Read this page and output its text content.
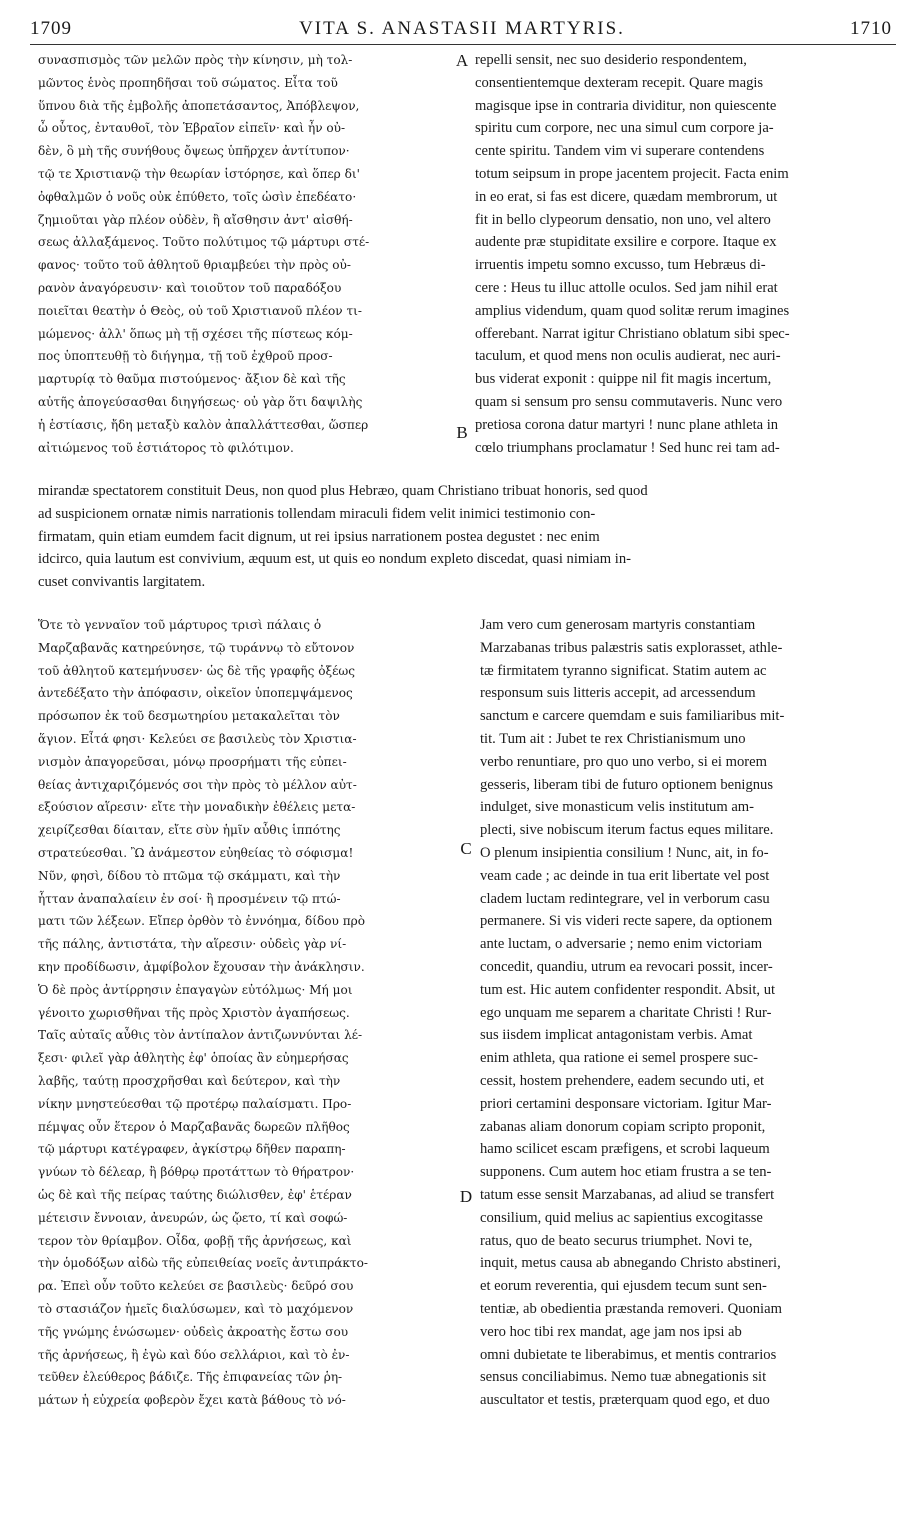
1709	VITA S. ANASTASII MARTYRIS.	1710
συνασπισμὸς τῶν μελῶν πρὸς τὴν κίνησιν, μὴ τολ-
μῶντος ἑνὸς προπηδῆσαι τοῦ σώματος. Εἶτα τοῦ
ὕπνου διὰ τῆς ἐμβολῆς ἀποπετάσαντος, Ἀπόβλεψον,
ὦ οὗτος, ἐνταυθοῖ, τὸν Ἑβραῖον εἰπεῖν· καὶ ἦν οὐ-
δὲν, ὃ μὴ τῆς συνήθους ὄψεως ὑπῆρχεν ἀντίτυπον·
τῷ τε Χριστιανῷ τὴν θεωρίαν ἱστόρησε, καὶ ὅπερ δι'
ὀφθαλμῶν ὁ νοῦς οὐκ ἐπύθετο, τοῖς ὠσὶν ἐπεδέατο·
ζημιοῦται γὰρ πλέον οὐδὲν, ἢ αἴσθησιν ἀντ' αἰσθή-
σεως ἀλλαξάμενος. Τοῦτο πολύτιμος τῷ μάρτυρι στέ-
φανος· τοῦτο τοῦ ἀθλητοῦ θριαμβεύει τὴν πρὸς οὐ-
ρανὸν ἀναγόρευσιν· καὶ τοιοῦτον τοῦ παραδόξου
ποιεῖται θεατὴν ὁ Θεὸς, οὐ τοῦ Χριστιανοῦ πλέον τι-
μώμενος· ἀλλ' ὅπως μὴ τῇ σχέσει τῆς πίστεως κόμ-
πος ὑποπτευθῇ τὸ διήγημα, τῇ τοῦ ἐχθροῦ προσ-
μαρτυρίᾳ τὸ θαῦμα πιστούμενος· ἄξιον δὲ καὶ τῆς
αὐτῆς ἀπογεύσασθαι διηγήσεως· οὐ γὰρ ὅτι δαψιλὴς
ἡ ἑστίασις, ἤδη μεταξὺ καλὸν ἀπαλλάττεσθαι, ὥσπερ
αἰτιώμενος τοῦ ἑστιάτορος τὸ φιλότιμον.
repelli sensit, nec suo desiderio respondentem,
consentientemque dexteram recepit. Quare magis
magisque ipse in contraria dividitur, non quiescente
spiritu cum corpore, nec una simul cum corpore ja-
cente spiritu. Tandem vim vi superare contendens
totum seipsum in prope jacentem projecit. Facta enim
in eo erat, si fas est dicere, quædam membrorum, ut
fit in bello clypeorum densatio, non uno, vel altero
audente præ stupiditate exsilire e corpore. Itaque ex
irruentis impetu somno excusso, tum Hebræus di-
cere : Heus tu illuc attolle oculos. Sed jam nihil erat
amplius videndum, quam quod solitæ rerum imagines
offerebant. Narrat igitur Christiano oblatum sibi spec-
taculum, et quod mens non oculis audierat, nec auri-
bus viderat exponit : quippe nil fit magis incertum,
quam si sensum pro sensu commutaveris. Nunc vero
pretiosa corona datur martyri ! nunc plane athleta in
cœlo triumphans proclamatur ! Sed hunc rei tam ad-
mirandæ spectatorem constituit Deus, non quod plus Hebræo, quam Christiano tribuat honoris, sed quod
ad suspicionem ornatæ nimis narrationis tollendam miraculi fidem velit inimici testimonio con-
firmatam, quin etiam eumdem facit dignum, ut rei ipsius narrationem postea degustet : nec enim
idcirco, quia lautum est convivium, æquum est, ut quis eo nondum expleto discedat, quasi nimiam in-
cuset convivantis largitatem.
Ὅτε τὸ γενναῖον τοῦ μάρτυρος τρισὶ πάλαις ὁ
Μαρζαβανᾶς κατηρεύνησε, τῷ τυράννῳ τὸ εὔτονον
τοῦ ἀθλητοῦ κατεμήνυσεν· ὡς δὲ τῆς γραφῆς ὀξέως
ἀντεδέξατο τὴν ἀπόφασιν, οἰκεῖον ὑποπεμψάμενος
πρόσωπον ἐκ τοῦ δεσμωτηρίου μετακαλεῖται τὸν
ἅγιον. Εἶτά φησι· Κελεύει σε βασιλεὺς τὸν Χριστια-
νισμὸν ἀπαγορεῦσαι, μόνῳ προσρήματι τῆς εὐπει-
θείας ἀντιχαριζόμενός σοι τὴν πρὸς τὸ μέλλον αὐτ-
εξούσιον αἵρεσιν· εἴτε τὴν μοναδικὴν ἐθέλεις μετα-
χειρίζεσθαι δίαιταν, εἴτε σὺν ἡμῖν αὖθις ἱππότης
στρατεύεσθαι. Ὢ ἀνάμεστον εὐηθείας τὸ σόφισμα!
Νῦν, φησὶ, δίδου τὸ πτῶμα τῷ σκάμματι, καὶ τὴν
ἧτταν ἀναπαλαίειν ἐν σοί· ἢ προσμένειν τῷ πτώ-
ματι τῶν λέξεων. Εἴπερ ὀρθὸν τὸ ἐννόημα, δίδου πρὸ
τῆς πάλης, ἀντιστάτα, τὴν αἵρεσιν· οὐδεὶς γὰρ νί-
κην προδίδωσιν, ἀμφίβολον ἔχουσαν τὴν ἀνάκλησιν.
Ὁ δὲ πρὸς ἀντίρρησιν ἐπαγαγὼν εὐτόλμως· Μή μοι
γένοιτο χωρισθῆναι τῆς πρὸς Χριστὸν ἀγαπήσεως.
Ταῖς αὐταῖς αὖθις τὸν ἀντίπαλον ἀντιζωννύνται λέ-
ξεσι· φιλεῖ γὰρ ἀθλητὴς ἐφ' ὁποίας ἂν εὐημερήσας
λαβῆς, ταύτῃ προσχρῆσθαι καὶ δεύτερον, καὶ τὴν
νίκην μνηστεύεσθαι τῷ προτέρῳ παλαίσματι. Προ-
πέμψας οὖν ἕτερον ὁ Μαρζαβανᾶς δωρεῶν πλῆθος
τῷ μάρτυρι κατέγραφεν, ἀγκίστρῳ δῆθεν παραπη-
γνύων τὸ δέλεαρ, ἢ βόθρῳ προτάττων τὸ θήρατρον·
ὡς δὲ καὶ τῆς πείρας ταύτης διώλισθεν, ἐφ' ἑτέραν
μέτεισιν ἔννοιαν, ἀνευρών, ὡς ᾤετο, τί καὶ σοφώ-
τερον τὸν θρίαμβον. Οἶδα, φοβῇ τῆς ἀρνήσεως, καὶ
τὴν ὁμοδόξων αἰδὼ τῆς εὐπειθείας νοεῖς ἀντιπράκτο-
ρα. Ἐπεὶ οὖν τοῦτο κελεύει σε βασιλεὺς· δεῦρό σου
τὸ στασιάζον ἡμεῖς διαλύσωμεν, καὶ τὸ μαχόμενον
τῆς γνώμης ἑνώσωμεν· οὐδεὶς ἀκροατὴς ἔστω σου
τῆς ἀρνήσεως, ἢ ἐγὼ καὶ δύο σελλάριοι, καὶ τὸ ἐν-
τεῦθεν ἐλεύθερος βάδιζε. Τῆς ἐπιφανείας τῶν ῥη-
μάτων ἡ εὐχρεία φοβερὸν ἔχει κατὰ βάθους τὸ νό-
Jam vero cum generosam martyris constantiam
Marzabanas tribus palæstris satis explorasset, athle-
tæ firmitatem tyranno significat. Statim autem ac
responsum suis litteris accepit, ad arcessendum
sanctum e carcere quemdam e suis familiaribus mit-
tit. Tum ait : Jubet te rex Christianismum uno
verbo renuntiare, pro quo uno verbo, si ei morem
gesseris, liberam tibi de futuro optionem benignus
indulget, sive monasticum velis institutum am-
plecti, sive nobiscum iterum factus eques militare.
O plenum insipientia consilium ! Nunc, ait, in fo-
veam cade ; ac deinde in tua erit libertate vel post
cladem luctam redintegrare, vel in verborum casu
permanere. Si vis videri recte sapere, da optionem
ante luctam, o adversarie ; nemo enim victoriam
concedit, quandiu, utrum ea revocari possit, incer-
tum est. Hic autem confidenter respondit. Absit, ut
ego unquam me separem a charitate Christi ! Rur-
sus iisdem implicat antagonistam verbis. Amat
enim athleta, qua ratione ei semel prospere suc-
cessit, hostem prehendere, eadem secundo uti, et
priori certamini desponsare victoriam. Igitur Mar-
zabanas aliam donorum copiam scripto proponit,
hamo scilicet escam præfigens, et scrobi laqueum
supponens. Cum autem hoc etiam frustra a se ten-
tatum esse sensit Marzabanas, ad aliud se transfert
consilium, quid melius ac sapientius excogitasse
ratus, quo de beato securus triumphet. Novi te,
inquit, metus causa ab abnegando Christo abstineri,
et eorum reverentia, qui ejusdem tecum sunt sen-
tentiæ, ab obedientia præstanda removeri. Quoniam
vero hoc tibi rex mandat, age jam nos ipsi ab
omni dubietate te liberabimus, et mentis contrarios
sensus conciliabimus. Nemo tuæ abnegationis sit
auscultator et testis, præterquam quod ego, et duo
A
B
C
D
